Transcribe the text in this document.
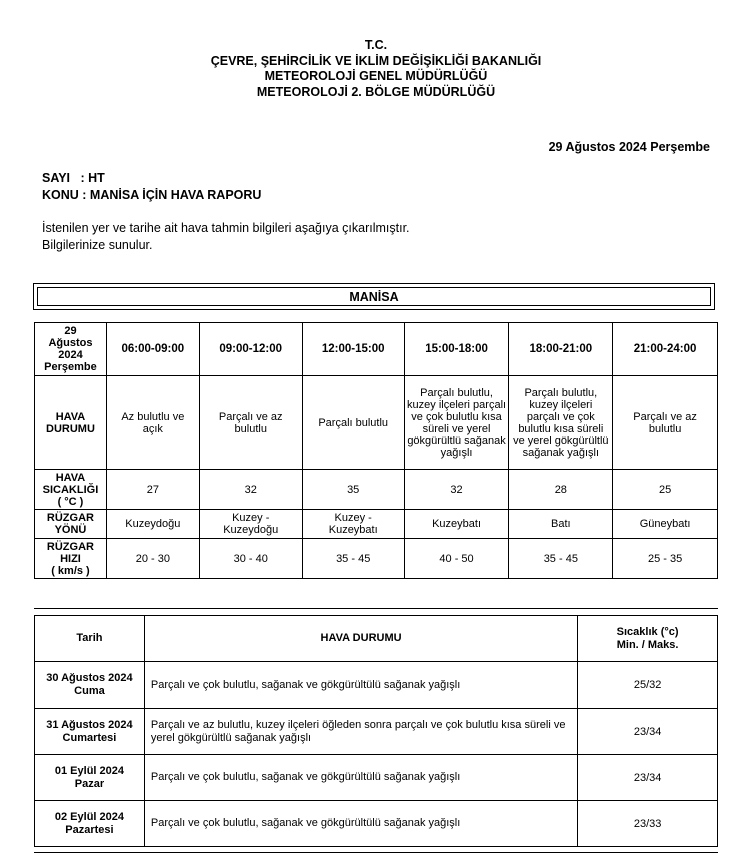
T.C.
ÇEVRE, ŞEHİRCİLİK VE İKLİM DEĞİŞİKLİĞİ BAKANLIĞI
METEOROLOJİ GENEL MÜDÜRLÜĞÜ
METEOROLOJİ 2. BÖLGE MÜDÜRLÜĞÜ
29 Ağustos 2024 Perşembe
SAYI   : HT
KONU : MANİSA İÇİN HAVA RAPORU
İstenilen yer ve tarihe ait hava tahmin bilgileri aşağıya çıkarılmıştır.
Bilgilerinize sunulur.
MANİSA
29
Ağustos
2024
Perşembe	06:00-09:00	09:00-12:00	12:00-15:00	15:00-18:00	18:00-21:00	21:00-24:00

HAVA
DURUMU	Az bulutlu ve açık	Parçalı ve az bulutlu	Parçalı bulutlu	Parçalı bulutlu, kuzey ilçeleri parçalı ve çok bulutlu kısa süreli ve yerel gökgürültlü sağanak yağışlı	Parçalı bulutlu, kuzey ilçeleri parçalı ve çok bulutlu kısa süreli ve yerel gökgürültlü sağanak yağışlı	Parçalı ve az bulutlu

HAVA
SICAKLIĞI
( °C )	27	32	35	32	28	25

RÜZGAR
YÖNÜ	Kuzeydoğu	Kuzey - Kuzeydoğu	Kuzey - Kuzeybatı	Kuzeybatı	Batı	Güneybatı

RÜZGAR
HIZI
( km/s )	20 - 30	30 - 40	35 - 45	40 - 50	35 - 45	25 - 35
Tarih	HAVA DURUMU	Sıcaklık (°c)
Min. / Maks.

30 Ağustos 2024
Cuma	Parçalı ve çok bulutlu, sağanak ve gökgürültülü sağanak yağışlı	25/32

31 Ağustos 2024
Cumartesi	Parçalı ve az bulutlu, kuzey ilçeleri öğleden sonra parçalı ve çok bulutlu kısa süreli ve yerel gökgürültlü sağanak yağışlı	23/34

01 Eylül 2024
Pazar	Parçalı ve çok bulutlu, sağanak ve gökgürültülü sağanak yağışlı	23/34

02 Eylül 2024
Pazartesi	Parçalı ve çok bulutlu, sağanak ve gökgürültülü sağanak yağışlı	23/33
